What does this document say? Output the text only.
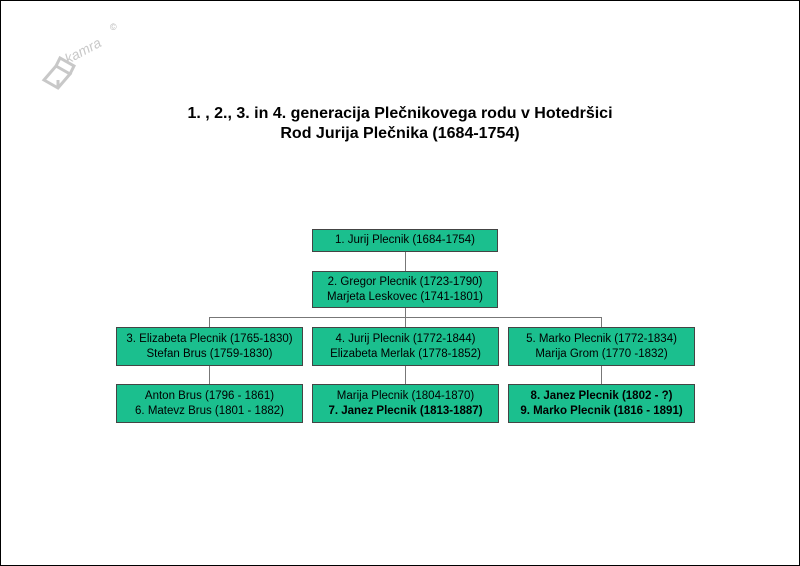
kamra
©
1. , 2., 3. in 4. generacija Plečnikovega rodu v Hotedršici
Rod Jurija Plečnika (1684-1754)
1. Jurij Plecnik (1684-1754)
2. Gregor Plecnik (1723-1790)
Marjeta Leskovec (1741-1801)
3. Elizabeta Plecnik (1765-1830)
Stefan Brus (1759-1830)
4. Jurij Plecnik (1772-1844)
Elizabeta Merlak (1778-1852)
5. Marko Plecnik (1772-1834)
Marija Grom (1770 -1832)
Anton Brus (1796 - 1861)
6. Matevz Brus (1801 - 1882)
Marija Plecnik (1804-1870)
7. Janez Plecnik (1813-1887)
8. Janez Plecnik (1802 - ?)
9. Marko Plecnik (1816 - 1891)
